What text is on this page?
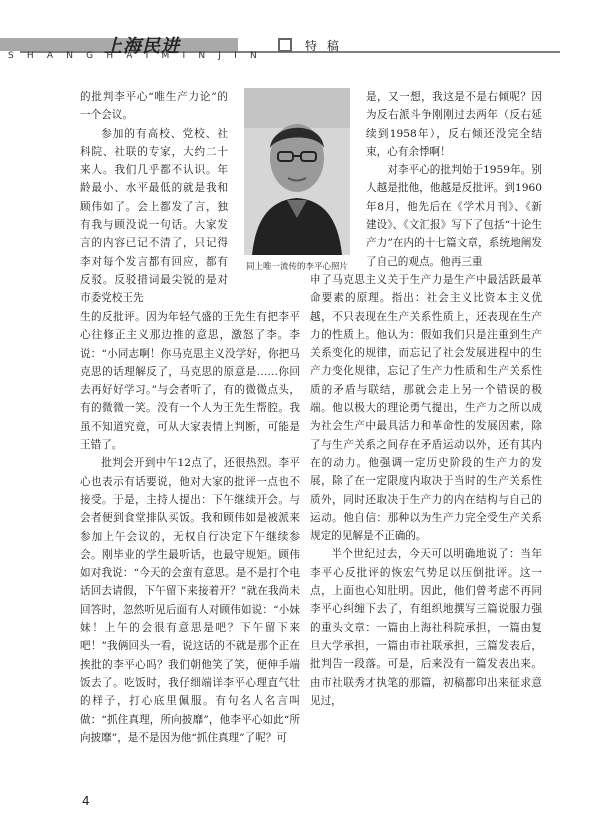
上海民进
SHANGHAIMINJIN
特 稿

的批判李平心“唯生产力论”的一个会议。

参加的有高校、党校、社科院、社联的专家，大约二十来人。我们几乎都不认识。年龄最小、水平最低的就是我和顾伟如了。会上都发了言，独有我与顾没说一句话。大家发言的内容已记不清了，只记得李对每个发言都有回应，都有反驳。反驳措词最尖锐的是对市委党校王先

同上唯一流传的李平心照片

生的反批评。因为年轻气盛的王先生有把李平心往修正主义那边推的意思，激怒了李。李说：“小同志啊！你马克思主义没学好，你把马克思的话理解反了，马克思的原意是……你回去再好好学习。”与会者听了，有的微微点头，有的微微一笑。没有一个人为王先生帮腔。我虽不知道究竟，可从大家表情上判断，可能是王错了。

批判会开到中午12点了，还很热烈。李平心也表示有话要说，他对大家的批评一点也不接受。于是，主持人提出：下午继续开会。与会者便到食堂排队买饭。我和顾伟如是被派来参加上午会议的，无权自行决定下午继续参会。刚毕业的学生最听话，也最守规矩。顾伟如对我说：“今天的会蛮有意思。是不是打个电话回去请假，下午留下来接着开？”就在我尚未回答时，忽然听见后面有人对顾伟如说：“小妹妹！上午的会很有意思是吧？下午留下来吧！”我俩回头一看，说这话的不就是那个正在挨批的李平心吗？我们朝他笑了笑，便伸手端饭去了。吃饭时，我仔细端详李平心理直气壮的样子，打心底里佩服。有句名人名言叫做：“抓住真理，所向披靡”，他李平心如此“所向披靡”，是不是因为他“抓住真理”了呢？可

是，又一想，我这是不是右倾呢？因为反右派斗争刚刚过去两年（反右延续到1958年），反右倾还没完全结束，心有余悸啊！

对李平心的批判始于1959年。别人越是批他，他越是反批评。到1960年8月，他先后在《学术月刊》、《新建设》、《文汇报》写下了包括“十论生产力”在内的十七篇文章，系统地阐发了自己的观点。他再三重

申了马克思主义关于生产力是生产中最活跃最革命要素的原理。指出：社会主义比资本主义优越，不只表现在生产关系性质上，还表现在生产力的性质上。他认为：假如我们只是注重到生产关系变化的规律，而忘记了社会发展进程中的生产力变化规律，忘记了生产力性质和生产关系性质的矛盾与联结，那就会走上另一个错误的极端。他以极大的理论勇气提出，生产力之所以成为社会生产中最具活力和革命性的发展因素，除了与生产关系之间存在矛盾运动以外，还有其内在的动力。他强调一定历史阶段的生产力的发展，除了在一定限度内取决于当时的生产关系性质外，同时还取决于生产力的内在结构与自己的运动。他自信：那种以为生产力完全受生产关系规定的见解是不正确的。

半个世纪过去，今天可以明确地说了：当年李平心反批评的恢宏气势足以压倒批评。这一点，上面也心知肚明。因此，他们曾考虑不再同李平心纠缠下去了，有组织地撰写三篇说服力强的重头文章：一篇由上海社科院承担，一篇由复旦大学承担，一篇由市社联承担，三篇发表后，批判告一段落。可是，后来没有一篇发表出来。由市社联秀才执笔的那篇，初稿都印出来征求意见过，

4
